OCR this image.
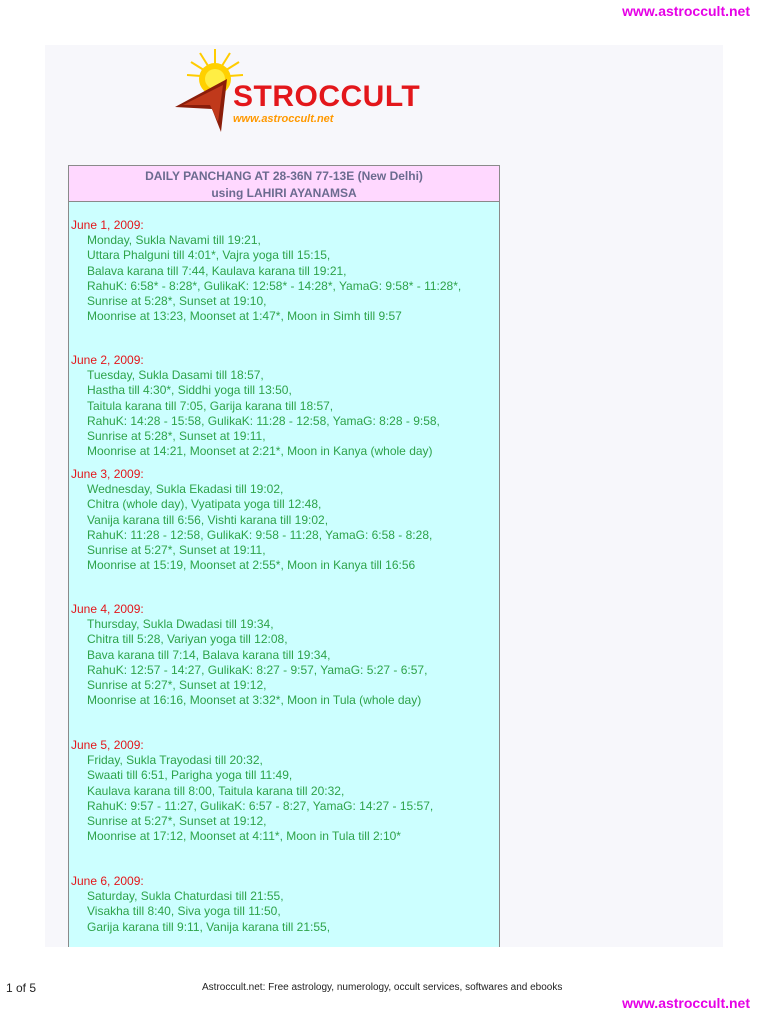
www.astroccult.net
STROCCULT
www.astroccult.net
DAILY PANCHANG AT 28-36N 77-13E (New Delhi)
using LAHIRI AYANAMSA
June 1, 2009:
Monday, Sukla Navami till 19:21,
Uttara Phalguni till 4:01*, Vajra yoga till 15:15,
Balava karana till 7:44, Kaulava karana till 19:21,
RahuK: 6:58* - 8:28*, GulikaK: 12:58* - 14:28*, YamaG: 9:58* - 11:28*,
Sunrise at 5:28*, Sunset at 19:10,
Moonrise at 13:23, Moonset at 1:47*, Moon in Simh till 9:57
June 2, 2009:
Tuesday, Sukla Dasami till 18:57,
Hastha till 4:30*, Siddhi yoga till 13:50,
Taitula karana till 7:05, Garija karana till 18:57,
RahuK: 14:28 - 15:58, GulikaK: 11:28 - 12:58, YamaG: 8:28 - 9:58,
Sunrise at 5:28*, Sunset at 19:11,
Moonrise at 14:21, Moonset at 2:21*, Moon in Kanya (whole day)
June 3, 2009:
Wednesday, Sukla Ekadasi till 19:02,
Chitra (whole day), Vyatipata yoga till 12:48,
Vanija karana till 6:56, Vishti karana till 19:02,
RahuK: 11:28 - 12:58, GulikaK: 9:58 - 11:28, YamaG: 6:58 - 8:28,
Sunrise at 5:27*, Sunset at 19:11,
Moonrise at 15:19, Moonset at 2:55*, Moon in Kanya till 16:56
June 4, 2009:
Thursday, Sukla Dwadasi till 19:34,
Chitra till 5:28, Variyan yoga till 12:08,
Bava karana till 7:14, Balava karana till 19:34,
RahuK: 12:57 - 14:27, GulikaK: 8:27 - 9:57, YamaG: 5:27 - 6:57,
Sunrise at 5:27*, Sunset at 19:12,
Moonrise at 16:16, Moonset at 3:32*, Moon in Tula (whole day)
June 5, 2009:
Friday, Sukla Trayodasi till 20:32,
Swaati till 6:51, Parigha yoga till 11:49,
Kaulava karana till 8:00, Taitula karana till 20:32,
RahuK: 9:57 - 11:27, GulikaK: 6:57 - 8:27, YamaG: 14:27 - 15:57,
Sunrise at 5:27*, Sunset at 19:12,
Moonrise at 17:12, Moonset at 4:11*, Moon in Tula till 2:10*
June 6, 2009:
Saturday, Sukla Chaturdasi till 21:55,
Visakha till 8:40, Siva yoga till 11:50,
Garija karana till 9:11, Vanija karana till 21:55,
1 of 5	Astroccult.net: Free astrology, numerology, occult services, softwares and ebooks
www.astroccult.net
